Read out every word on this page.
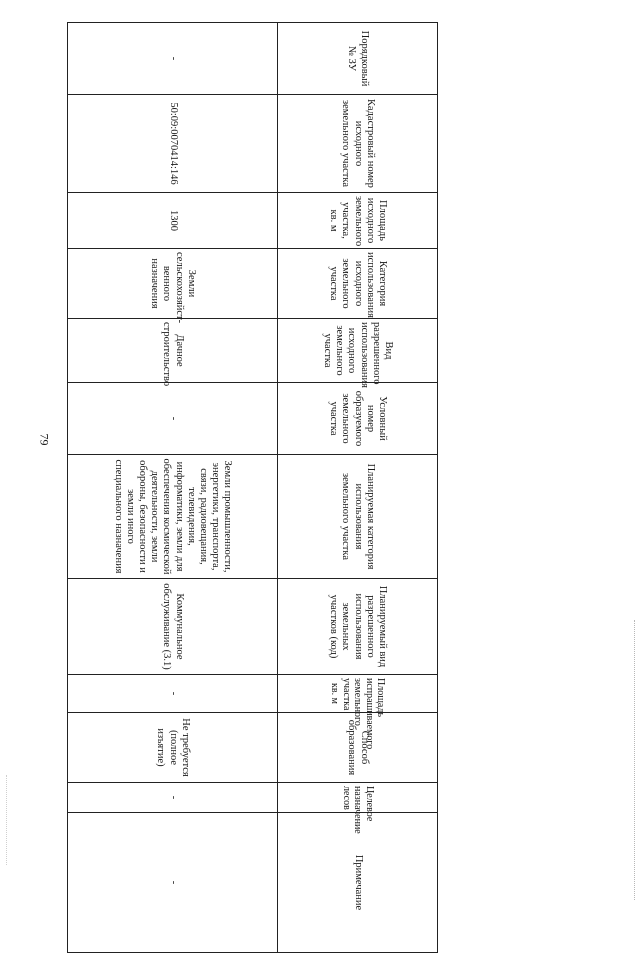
79
Порядковый № ЗУ	Кадастровый номер исходного земельного участка	Площадь исходного земельного участка, кв. м	Категория использования исходного земельного участка	Вид разрешенного использования исходного земельного участка	Условный номер образуемого земельного участка	Планируемая категория использования земельного участка	Планируемый вид разрешенного использования земельных участков (код)	Площадь испрашиваемого земельного участка кв. м	Способ образования	Целевое назначение лесов	Примечание
-	50:09:0070414:146	1300	Земли сельскохозяйст-венного назначения	Дачное строительство	-	Земли промышленности, энергетики, транспорта, связи, радиовещания, телевидения, информатики, земли для обеспечения космической деятельности, земли обороны, безопасности и земли иного специального назначения	Коммунальное обслуживание (3.1)	-	Не требуется (полное изъятие)	-	-
